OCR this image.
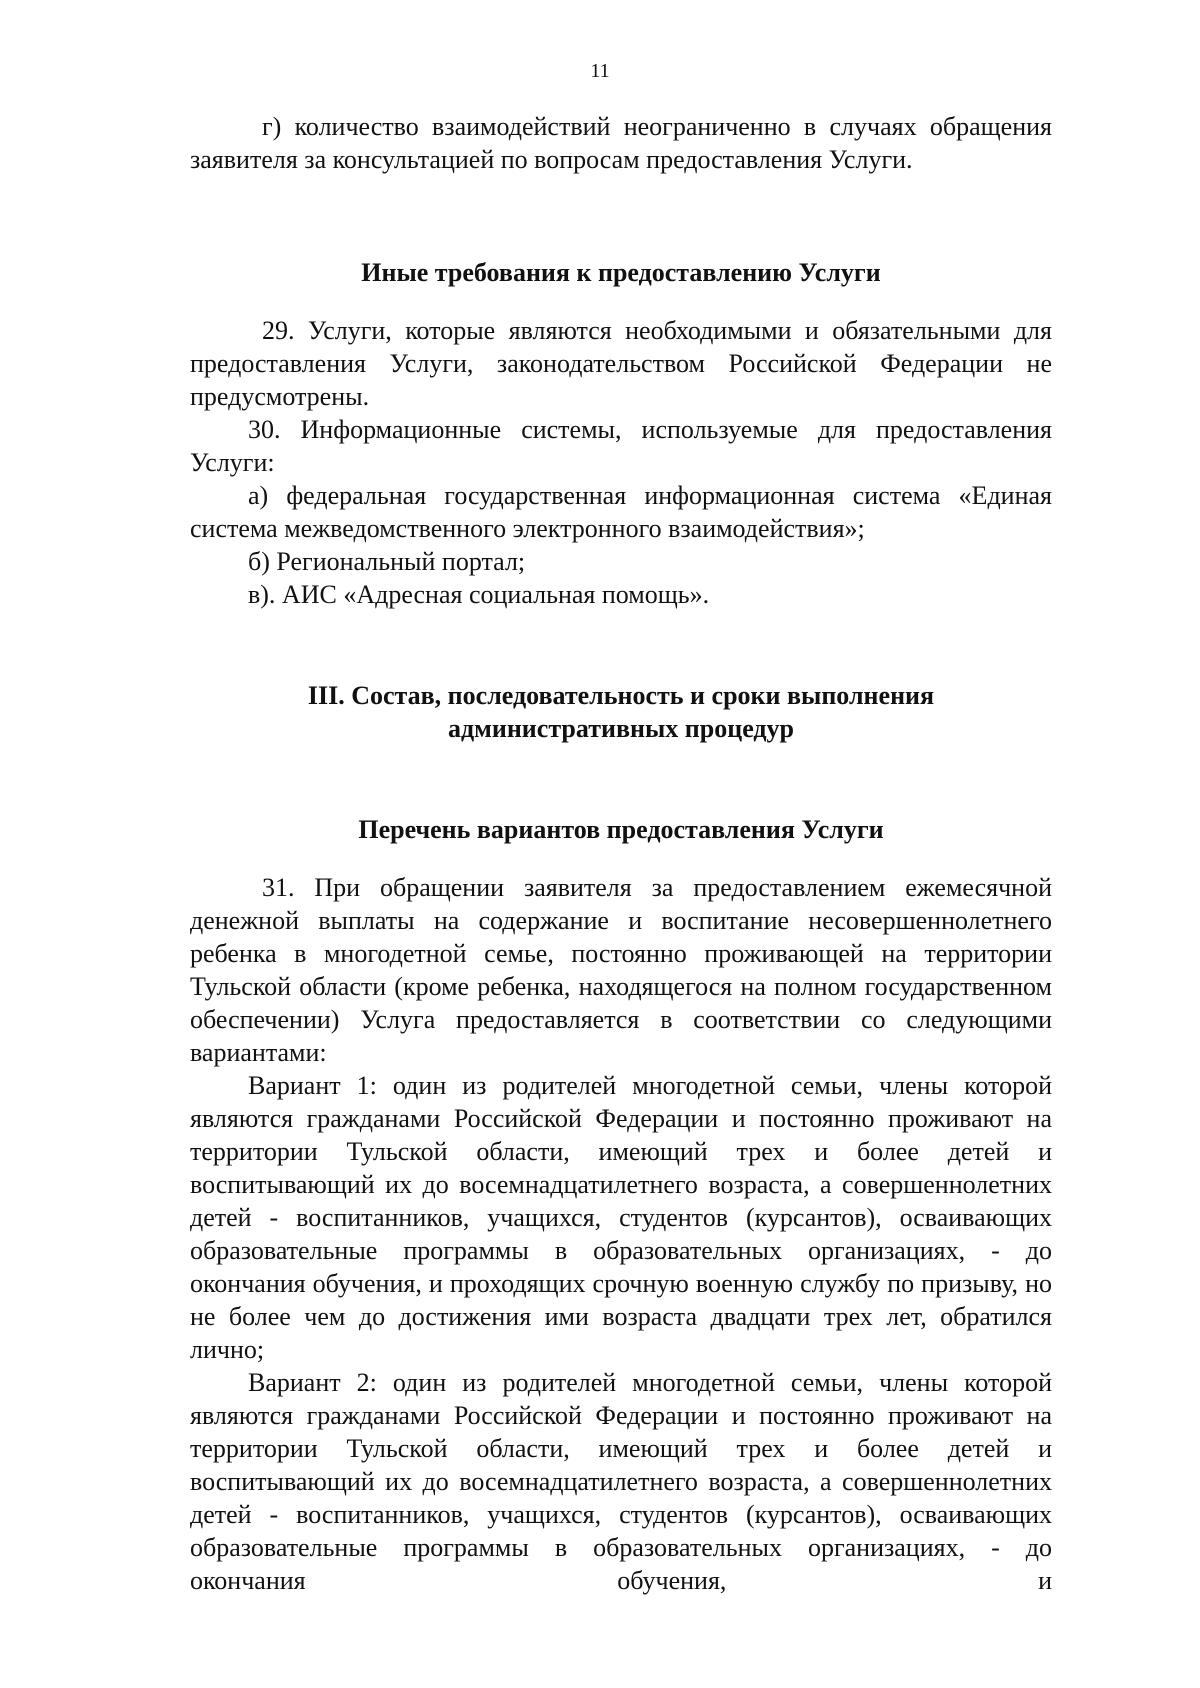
11

г) количество взаимодействий неограниченно в случаях обращения заявителя за консультацией по вопросам предоставления Услуги.

Иные требования к предоставлению Услуги

29. Услуги, которые являются необходимыми и обязательными для предоставления Услуги, законодательством Российской Федерации не предусмотрены.

30. Информационные системы, используемые для предоставления Услуги:

а) федеральная государственная информационная система «Единая система межведомственного электронного взаимодействия»;

б) Региональный портал;

в). АИС «Адресная социальная помощь».

III. Состав, последовательность и сроки выполнения
административных процедур
Перечень вариантов предоставления Услуги

31. При обращении заявителя за предоставлением ежемесячной денежной выплаты на содержание и воспитание несовершеннолетнего ребенка в многодетной семье, постоянно проживающей на территории Тульской области (кроме ребенка, находящегося на полном государственном обеспечении) Услуга предоставляется в соответствии со следующими вариантами:

Вариант 1: один из родителей многодетной семьи, члены которой являются гражданами Российской Федерации и постоянно проживают на территории Тульской области, имеющий трех и более детей и воспитывающий их до восемнадцатилетнего возраста, а совершеннолетних детей - воспитанников, учащихся, студентов (курсантов), осваивающих образовательные программы в образовательных организациях, - до окончания обучения, и проходящих срочную военную службу по призыву, но не более чем до достижения ими возраста двадцати трех лет, обратился лично;

Вариант 2: один из родителей многодетной семьи, члены которой являются гражданами Российской Федерации и постоянно проживают на территории Тульской области, имеющий трех и более детей и воспитывающий их до восемнадцатилетнего возраста, а совершеннолетних детей - воспитанников, учащихся, студентов (курсантов), осваивающих образовательные программы в образовательных организациях, - до окончания обучения, и
